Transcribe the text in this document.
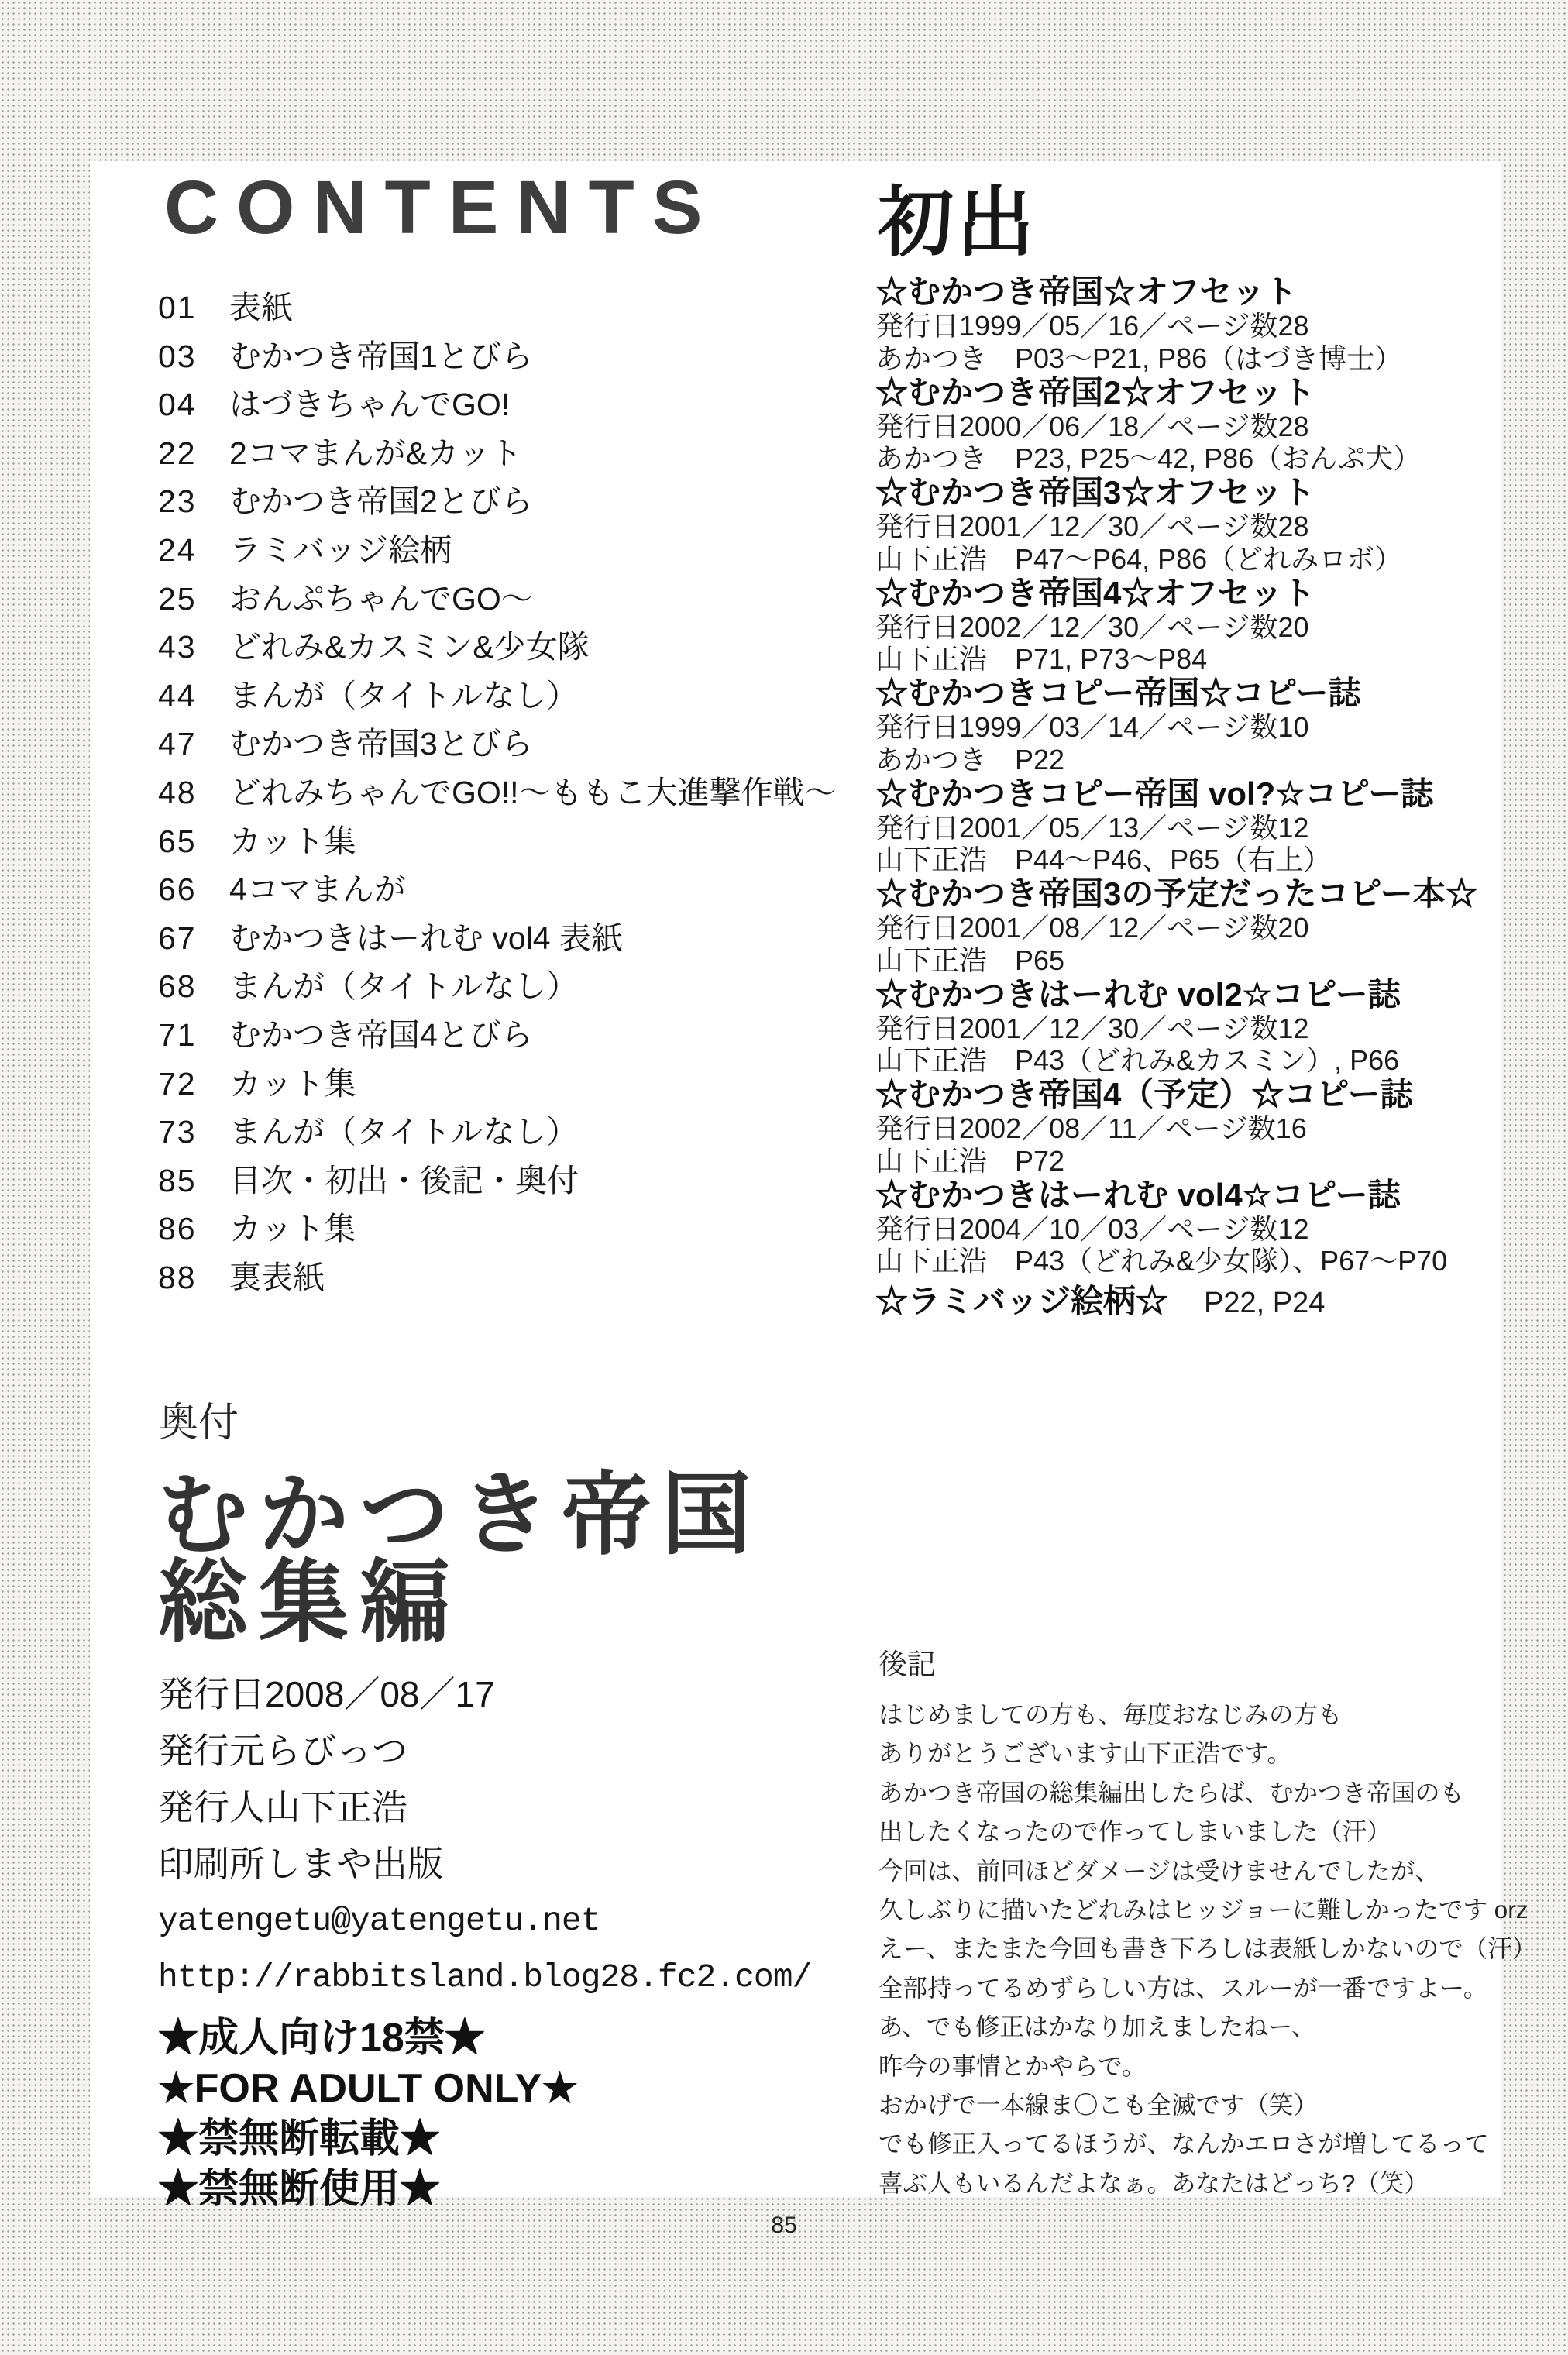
CONTENTS 初出
01	表紙
03	むかつき帝国1とびら
04	はづきちゃんでGO!
22	2コマまんが&カット
23	むかつき帝国2とびら
24	ラミバッジ絵柄
25	おんぷちゃんでGO～
43	どれみ&カスミン&少女隊
44	まんが（タイトルなし）
47	むかつき帝国3とびら
48	どれみちゃんでGO!!～ももこ大進撃作戦～
65	カット集
66	4コマまんが
67	むかつきはーれむ vol4 表紙
68	まんが（タイトルなし）
71	むかつき帝国4とびら
72	カット集
73	まんが（タイトルなし）
85	目次・初出・後記・奥付
86	カット集
88	裏表紙
☆むかつき帝国☆オフセット
発行日1999／05／16／ページ数28
あかつき　P03～P21, P86（はづき博士）
☆むかつき帝国2☆オフセット
発行日2000／06／18／ページ数28
あかつき　P23, P25～42, P86（おんぷ犬）
☆むかつき帝国3☆オフセット
発行日2001／12／30／ページ数28
山下正浩　P47～P64, P86（どれみロボ）
☆むかつき帝国4☆オフセット
発行日2002／12／30／ページ数20
山下正浩　P71, P73～P84
☆むかつきコピー帝国☆コピー誌
発行日1999／03／14／ページ数10
あかつき　P22
☆むかつきコピー帝国 vol?☆コピー誌
発行日2001／05／13／ページ数12
山下正浩　P44～P46、P65（右上）
☆むかつき帝国3の予定だったコピー本☆
発行日2001／08／12／ページ数20
山下正浩　P65
☆むかつきはーれむ vol2☆コピー誌
発行日2001／12／30／ページ数12
山下正浩　P43（どれみ&カスミン）, P66
☆むかつき帝国4（予定）☆コピー誌
発行日2002／08／11／ページ数16
山下正浩　P72
☆むかつきはーれむ vol4☆コピー誌
発行日2004／10／03／ページ数12
山下正浩　P43（どれみ&少女隊）、P67～P70
☆ラミバッジ絵柄☆ P22, P24
奥付
むかつき帝国
総集編
発行日2008／08／17
発行元らびっつ
発行人山下正浩
印刷所しまや出版
yatengetu@yatengetu.net
http://rabbitsland.blog28.fc2.com/
★成人向け18禁★
★FOR ADULT ONLY★
★禁無断転載★
★禁無断使用★
後記

はじめましての方も、毎度おなじみの方も

ありがとうございます山下正浩です。

あかつき帝国の総集編出したらば、むかつき帝国のも

出したくなったので作ってしまいました（汗）

今回は、前回ほどダメージは受けませんでしたが、

久しぶりに描いたどれみはヒッジョーに難しかったです orz

えー、またまた今回も書き下ろしは表紙しかないので（汗）

全部持ってるめずらしい方は、スルーが一番ですよー。

あ、でも修正はかなり加えましたねー、

昨今の事情とかやらで。

おかげで一本線ま〇こも全滅です（笑）

でも修正入ってるほうが、なんかエロさが増してるって

喜ぶ人もいるんだよなぁ。あなたはどっち?（笑）

85
